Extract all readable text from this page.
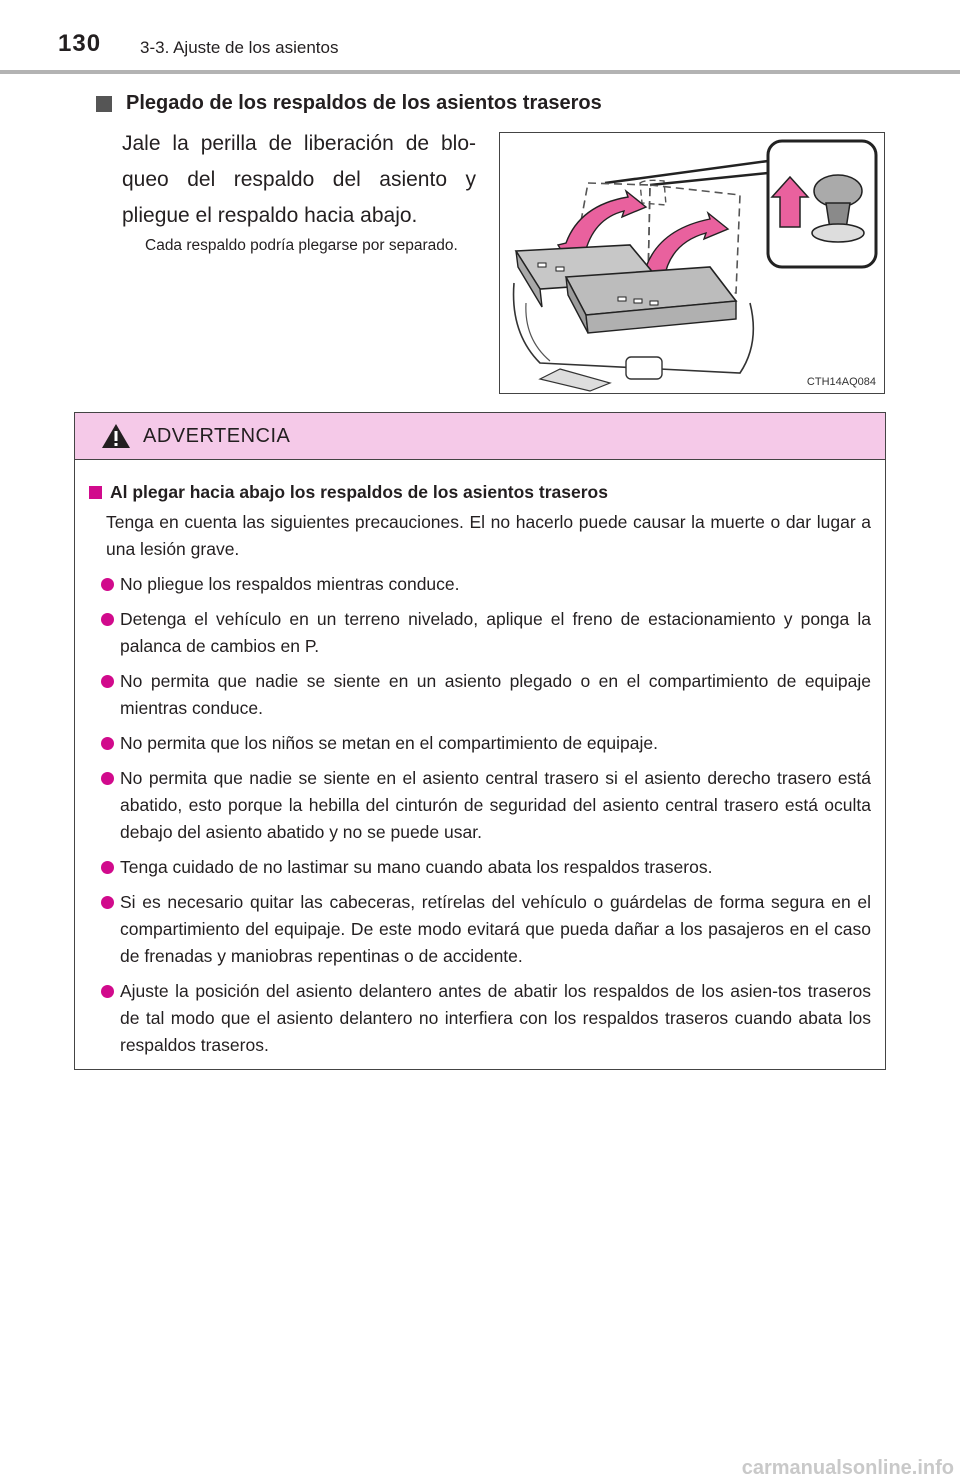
130 3-3. Ajuste de los asientos
Plegado de los respaldos de los asientos traseros
Jale la perilla de liberación de blo-queo del respaldo del asiento y pliegue el respaldo hacia abajo.
Cada respaldo podría plegarse por separado.
CTH14AQ084
ADVERTENCIA
Al plegar hacia abajo los respaldos de los asientos traseros
Tenga en cuenta las siguientes precauciones. El no hacerlo puede causar la muerte o dar lugar a una lesión grave.
No pliegue los respaldos mientras conduce.
Detenga el vehículo en un terreno nivelado, aplique el freno de estacionamiento y ponga la palanca de cambios en P.
No permita que nadie se siente en un asiento plegado o en el compartimiento de equipaje mientras conduce.
No permita que los niños se metan en el compartimiento de equipaje.
No permita que nadie se siente en el asiento central trasero si el asiento derecho trasero está abatido, esto porque la hebilla del cinturón de seguridad del asiento central trasero está oculta debajo del asiento abatido y no se puede usar.
Tenga cuidado de no lastimar su mano cuando abata los respaldos traseros.
Si es necesario quitar las cabeceras, retírelas del vehículo o guárdelas de forma segura en el compartimiento del equipaje. De este modo evitará que pueda dañar a los pasajeros en el caso de frenadas y maniobras repentinas o de accidente.
Ajuste la posición del asiento delantero antes de abatir los respaldos de los asien-tos traseros de tal modo que el asiento delantero no interfiera con los respaldos traseros cuando abata los respaldos traseros.
carmanualsonline.info
